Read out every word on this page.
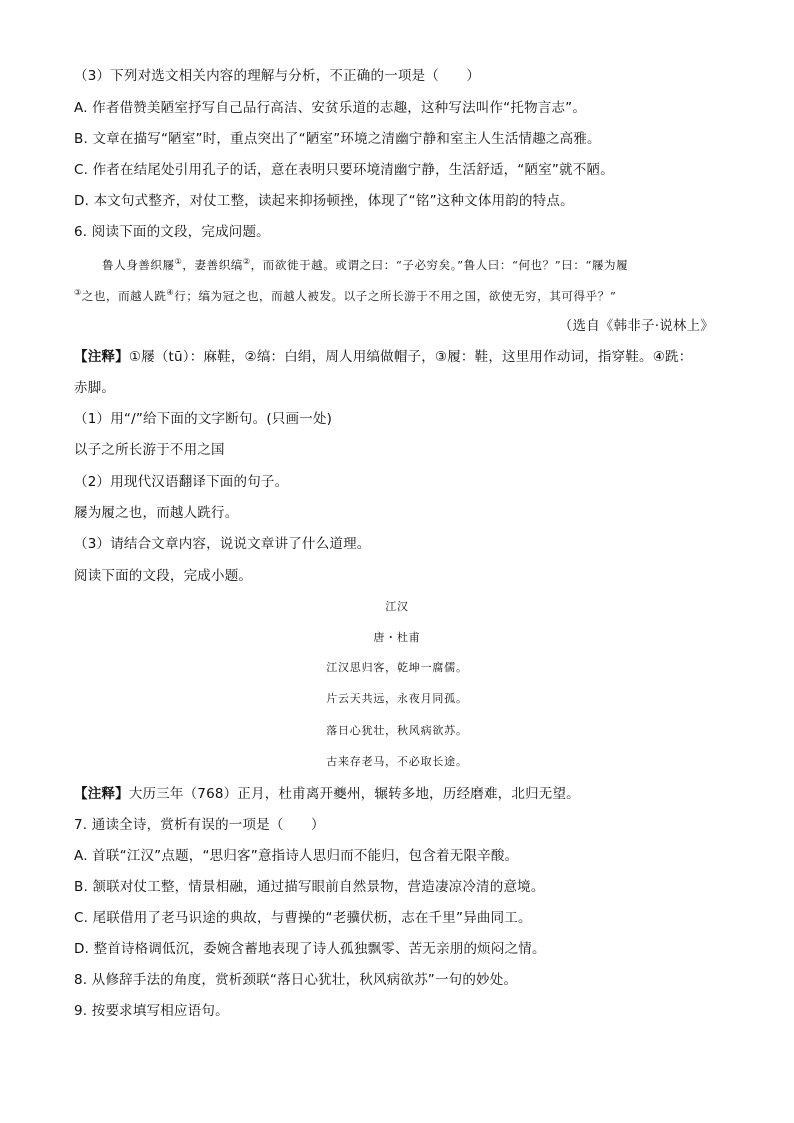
（3）下列对选文相关内容的理解与分析，不正确的一项是（　　）
A. 作者借赞美陋室抒写自己品行高洁、安贫乐道的志趣，这种写法叫作“托物言志”。
B. 文章在描写“陋室”时，重点突出了“陋室”环境之清幽宁静和室主人生活情趣之高雅。
C. 作者在结尾处引用孔子的话，意在表明只要环境清幽宁静，生活舒适，“陋室”就不陋。
D. 本文句式整齐，对仗工整，读起来抑扬顿挫，体现了“铭”这种文体用韵的特点。
6. 阅读下面的文段，完成问题。
鲁人身善织屦①，妻善织缟②，而欲徙于越。或谓之曰：“子必穷矣。”鲁人曰：“何也？”曰：“屦为履
③之也，而越人跣④行；缟为冠之也，而越人被发。以子之所长游于不用之国，欲使无穷，其可得乎？”
（选自《韩非子·说林上》
【注释】①屦（tū）：麻鞋，②缟：白绢，周人用缟做帽子，③履：鞋，这里用作动词，指穿鞋。④跣：
赤脚。
（1）用“/”给下面的文字断句。(只画一处)
以子之所长游于不用之国
（2）用现代汉语翻译下面的句子。
屦为履之也，而越人跣行。
（3）请结合文章内容，说说文章讲了什么道理。
阅读下面的文段，完成小题。
江汉
唐・杜甫
江汉思归客，乾坤一腐儒。
片云天共远，永夜月同孤。
落日心犹壮，秋风病欲苏。
古来存老马，不必取长途。
【注释】大历三年（768）正月，杜甫离开夔州，辗转多地，历经磨难，北归无望。
7. 通读全诗，赏析有误的一项是（　　）
A. 首联“江汉”点题，“思归客”意指诗人思归而不能归，包含着无限辛酸。
B. 颔联对仗工整，情景相融，通过描写眼前自然景物，营造凄凉冷清的意境。
C. 尾联借用了老马识途的典故，与曹操的“老骥伏枥，志在千里”异曲同工。
D. 整首诗格调低沉，委婉含蓄地表现了诗人孤独飘零、苦无亲朋的烦闷之情。
8. 从修辞手法的角度，赏析颈联“落日心犹壮，秋风病欲苏”一句的妙处。
9. 按要求填写相应语句。
